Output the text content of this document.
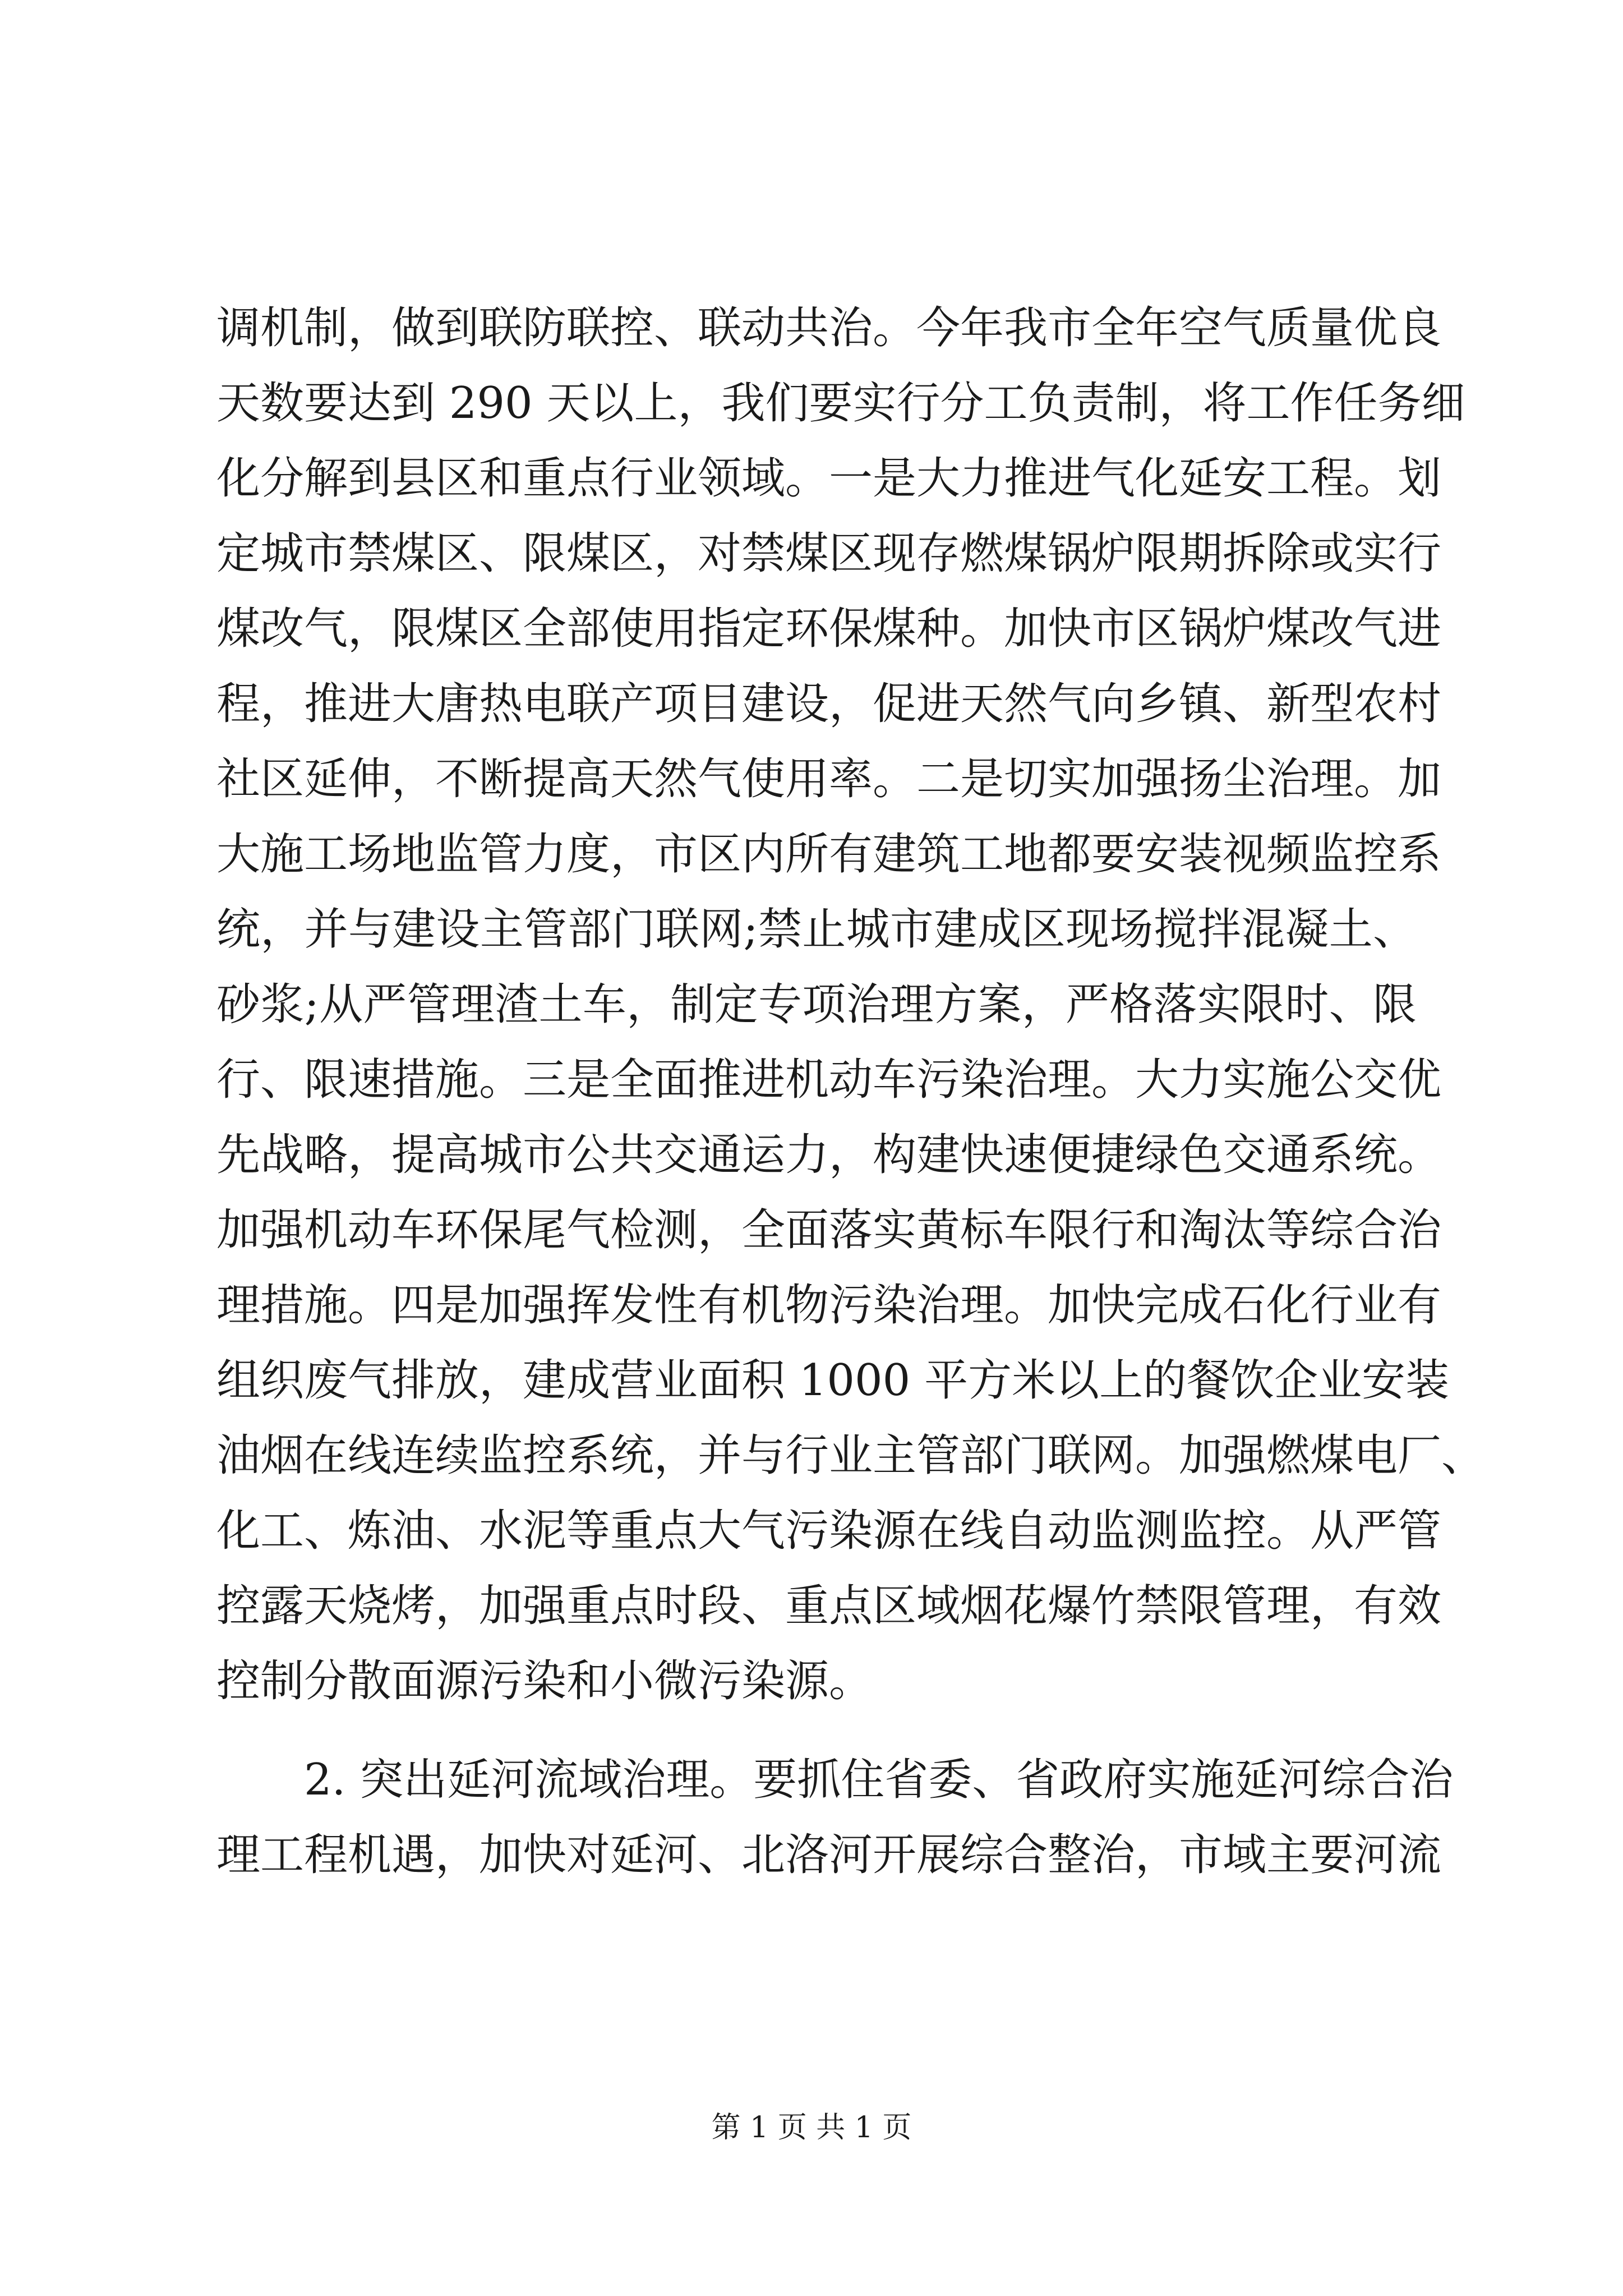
调机制，做到联防联控、联动共治。今年我市全年空气质量优良
天数要达到 290 天以上，我们要实行分工负责制，将工作任务细
化分解到县区和重点行业领域。一是大力推进气化延安工程。划
定城市禁煤区、限煤区，对禁煤区现存燃煤锅炉限期拆除或实行
煤改气，限煤区全部使用指定环保煤种。加快市区锅炉煤改气进
程，推进大唐热电联产项目建设，促进天然气向乡镇、新型农村
社区延伸，不断提高天然气使用率。二是切实加强扬尘治理。加
大施工场地监管力度，市区内所有建筑工地都要安装视频监控系
统，并与建设主管部门联网;禁止城市建成区现场搅拌混凝土、
砂浆;从严管理渣土车，制定专项治理方案，严格落实限时、限
行、限速措施。三是全面推进机动车污染治理。大力实施公交优
先战略，提高城市公共交通运力，构建快速便捷绿色交通系统。
加强机动车环保尾气检测，全面落实黄标车限行和淘汰等综合治
理措施。四是加强挥发性有机物污染治理。加快完成石化行业有
组织废气排放，建成营业面积 1000 平方米以上的餐饮企业安装
油烟在线连续监控系统，并与行业主管部门联网。加强燃煤电厂、
化工、炼油、水泥等重点大气污染源在线自动监测监控。从严管
控露天烧烤，加强重点时段、重点区域烟花爆竹禁限管理，有效
控制分散面源污染和小微污染源。
2. 突出延河流域治理。要抓住省委、省政府实施延河综合治
理工程机遇，加快对延河、北洛河开展综合整治，市域主要河流
第 1 页 共 1 页
